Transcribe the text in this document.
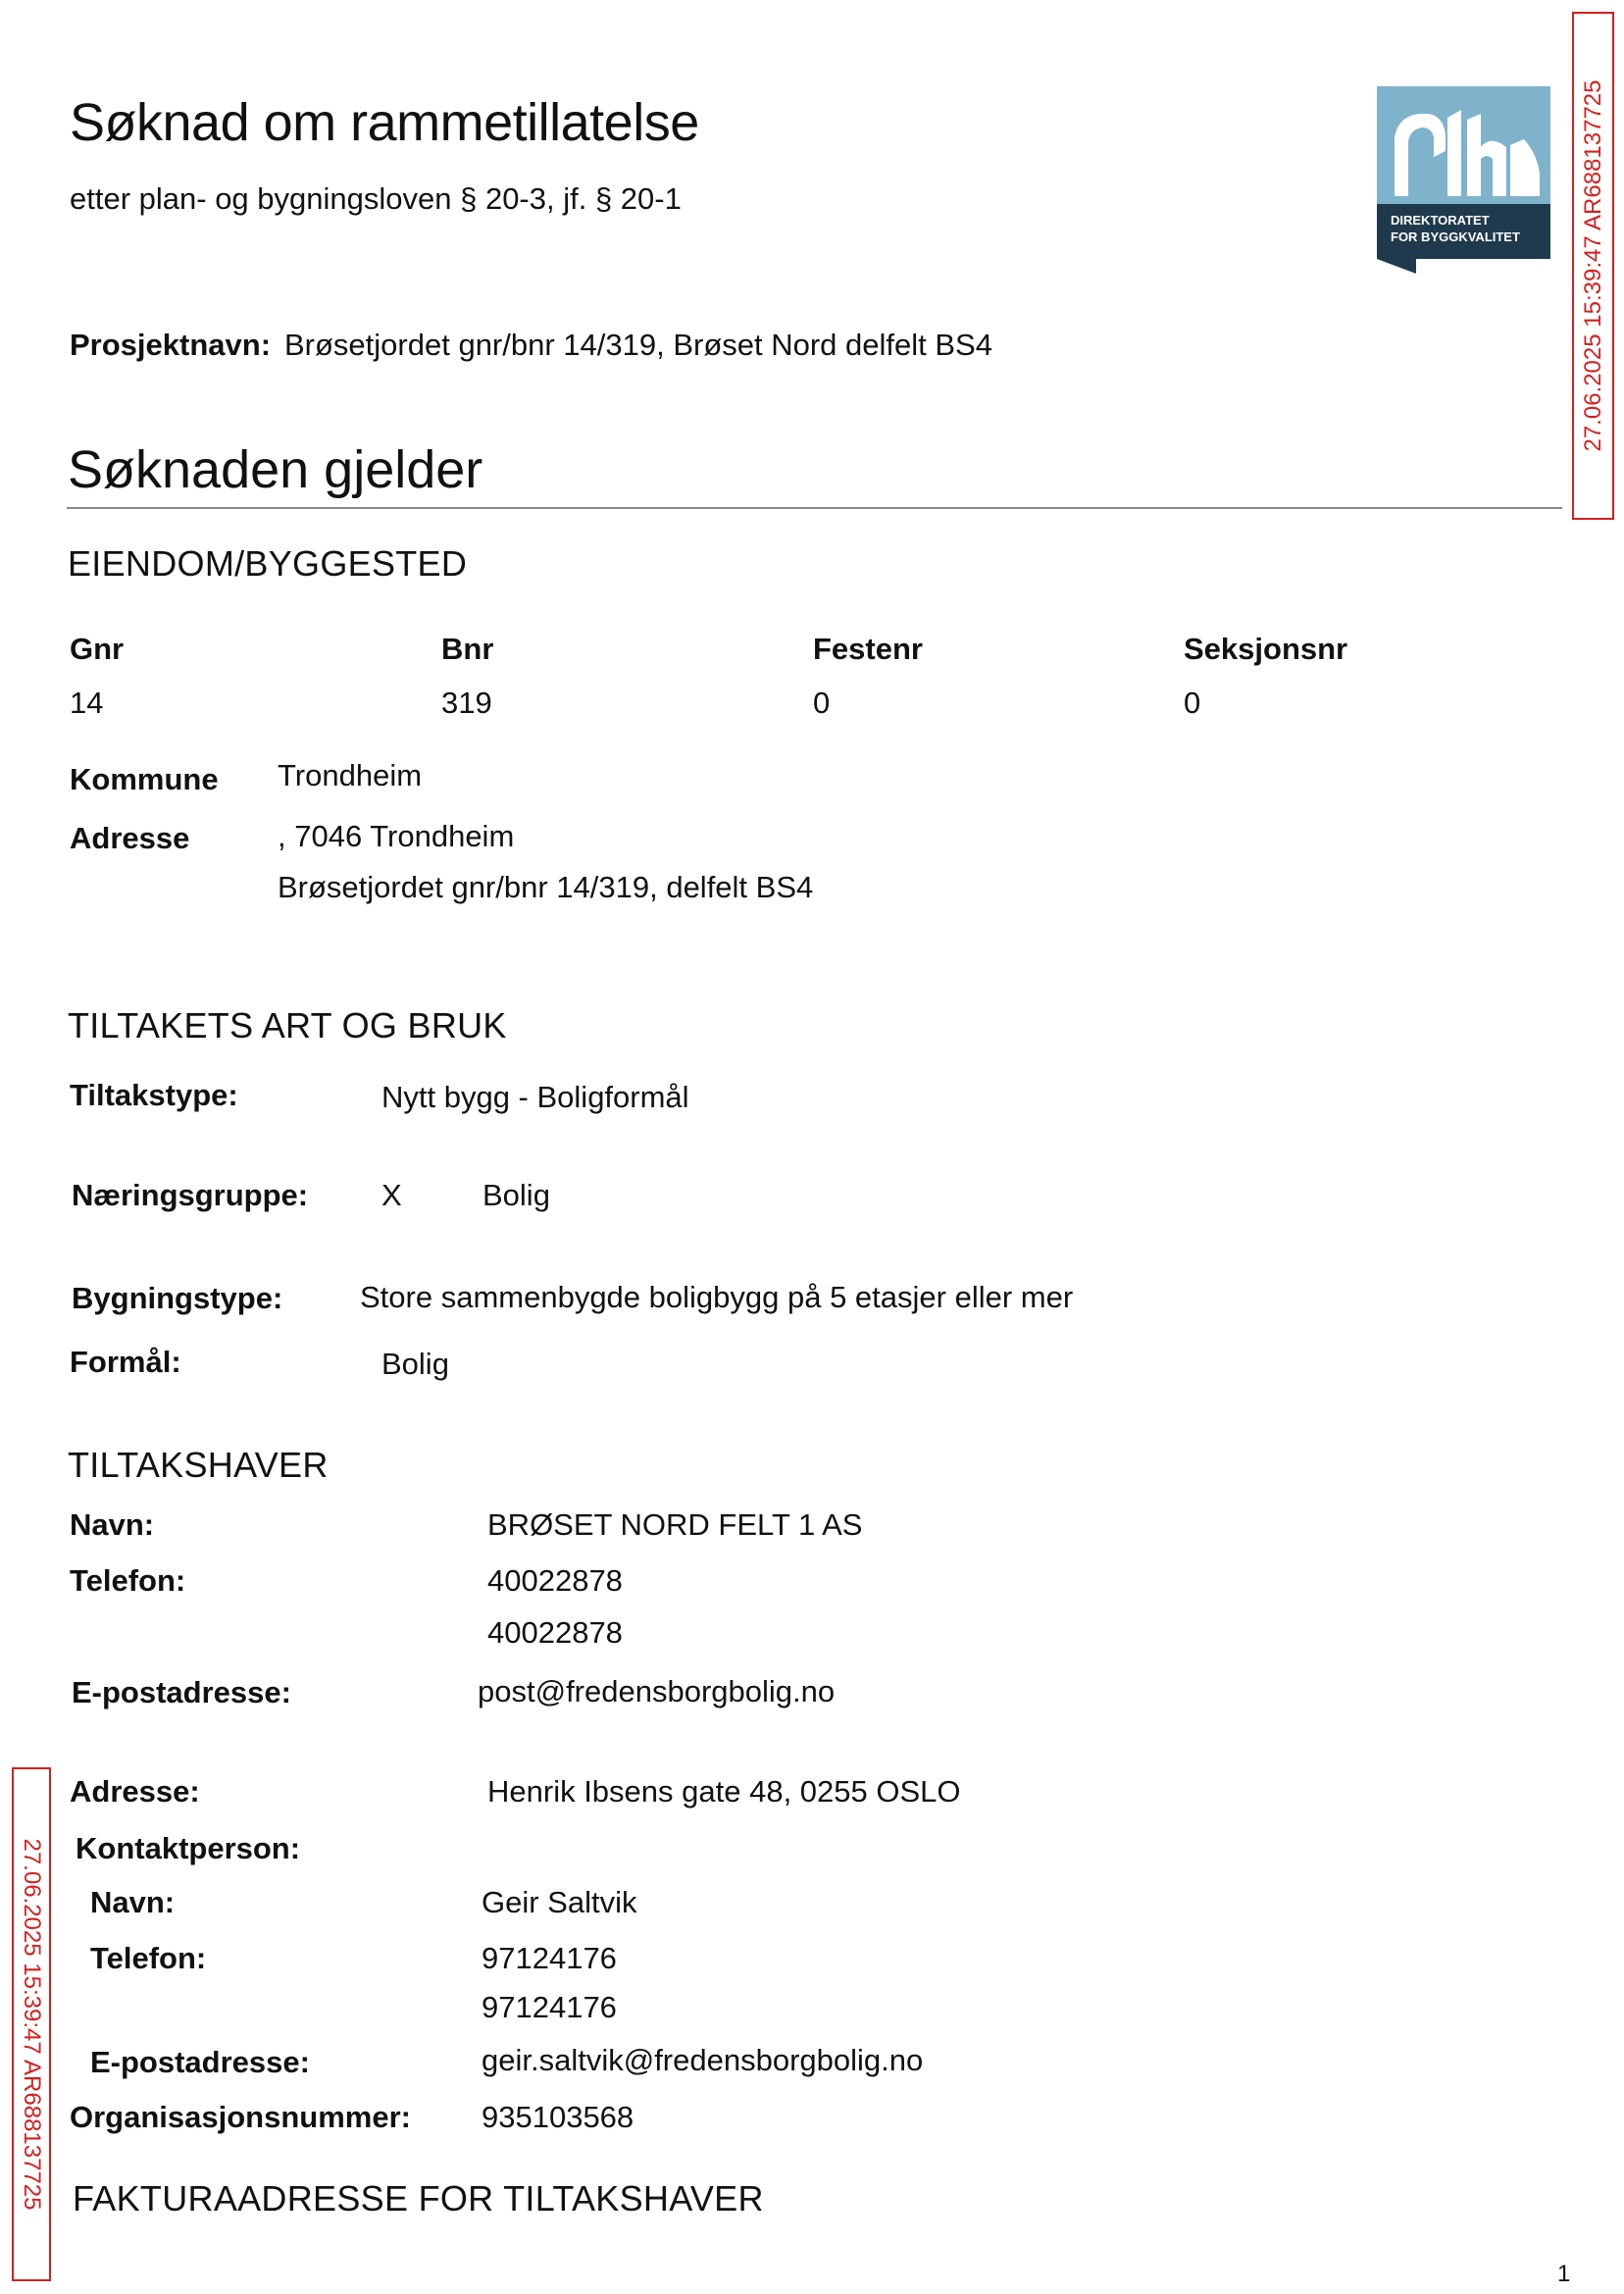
Søknad om rammetillatelse
etter plan- og bygningsloven § 20-3, jf. § 20-1
DIREKTORATET
FOR BYGGKVALITET	27.06.2025 15:39:47 AR688137725
27.06.2025 15:39:47 AR688137725
Prosjektnavn: Brøsetjordet gnr/bnr 14/319, Brøset Nord delfelt BS4
Søknaden gjelder
EIENDOM/BYGGESTED
Gnr	Bnr	Festenr	Seksjonsnr
14	319	0	0
Kommune Trondheim
Adresse	, 7046 Trondheim
Brøsetjordet gnr/bnr 14/319, delfelt BS4
TILTAKETS ART OG BRUK
Tiltakstype:	Nytt bygg - Boligformål
Næringsgruppe: X	Bolig
Bygningstype:	Store sammenbygde boligbygg på 5 etasjer eller mer
Formål:	Bolig
TILTAKSHAVER
Navn:	BRØSET NORD FELT 1 AS
Telefon:	40022878
40022878
E-postadresse:	post@fredensborgbolig.no
Adresse:	Henrik Ibsens gate 48, 0255 OSLO
Kontaktperson:
Navn:	Geir Saltvik
Telefon:	97124176
97124176
E-postadresse:	geir.saltvik@fredensborgbolig.no
Organisasjonsnummer: 935103568
FAKTURAADRESSE FOR TILTAKSHAVER
1
